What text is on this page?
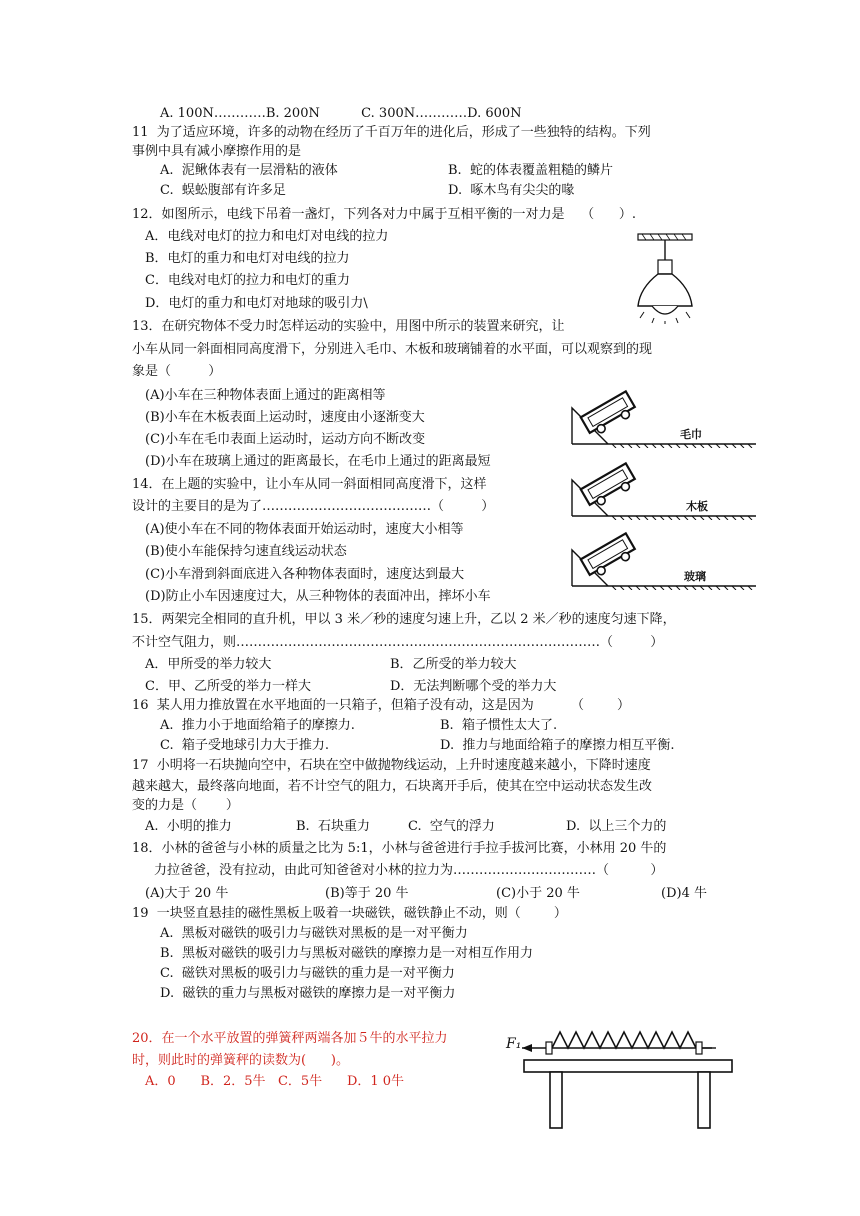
A. 100N…………B. 200N          C. 300N…………D. 600N
11  为了适应环境，许多的动物在经历了千百万年的进化后，形成了一些独特的结构。下列
事例中具有减小摩擦作用的是
A.  泥鳅体表有一层滑粘的液体	B.  蛇的体表覆盖粗糙的鳞片
C.  蜈蚣腹部有许多足	D.  啄木鸟有尖尖的喙
12．如图所示，电线下吊着一盏灯，下列各对力中属于互相平衡的一对力是    （      ）.
A．电线对电灯的拉力和电灯对电线的拉力
B．电灯的重力和电灯对电线的拉力
C．电线对电灯的拉力和电灯的重力
D．电灯的重力和电灯对地球的吸引力\
13．在研究物体不受力时怎样运动的实验中，用图中所示的装置来研究，让
小车从同一斜面相同高度滑下，分别进入毛巾、木板和玻璃铺着的水平面，可以观察到的现
象是（         ）
(A)小车在三种物体表面上通过的距离相等
(B)小车在木板表面上运动时，速度由小逐渐变大
(C)小车在毛巾表面上运动时，运动方向不断改变
(D)小车在玻璃上通过的距离最长，在毛巾上通过的距离最短
14．在上题的实验中，让小车从同一斜面相同高度滑下，这样
设计的主要目的是为了…………………………………（         ）
(A)使小车在不同的物体表面开始运动时，速度大小相等
(B)使小车能保持匀速直线运动状态
(C)小车滑到斜面底进入各种物体表面时，速度达到最大
(D)防止小车因速度过大，从三种物体的表面冲出，摔坏小车
15．两架完全相同的直升机，甲以 3 米／秒的速度匀速上升，乙以 2 米／秒的速度匀速下降，
不计空气阻力，则…………………………………………………………………………（         ）
A．甲所受的举力较大	B．乙所受的举力较大
C．甲、乙所受的举力一样大	D．无法判断哪个受的举力大
16  某人用力推放置在水平地面的一只箱子，但箱子没有动，这是因为         （        ）
A.  推力小于地面给箱子的摩擦力.	B.  箱子惯性太大了.
C.  箱子受地球引力大于推力.	D.  推力与地面给箱子的摩擦力相互平衡.
17  小明将一石块抛向空中，石块在空中做抛物线运动，上升时速度越来越小，下降时速度
越来越大，最终落向地面，若不计空气的阻力，石块离开手后，使其在空中运动状态发生改
变的力是（       ）
A.  小明的推力	B.  石块重力	C.  空气的浮力	D.  以上三个力的
18．小林的爸爸与小林的质量之比为 5:1，小林与爸爸进行手拉手拔河比赛，小林用 20 牛的
力拉爸爸，没有拉动，由此可知爸爸对小林的拉力为……………………………（          ）
(A)大于 20 牛	(B)等于 20 牛	(C)小于 20 牛	(D)4 牛
19  一块竖直悬挂的磁性黑板上吸着一块磁铁，磁铁静止不动，则（        ）
A.  黑板对磁铁的吸引力与磁铁对黑板的是一对平衡力
B.  黑板对磁铁的吸引力与黑板对磁铁的摩擦力是一对相互作用力
C.  磁铁对黑板的吸引力与磁铁的重力是一对平衡力
D.  磁铁的重力与黑板对磁铁的摩擦力是一对平衡力
20．在一个水平放置的弹簧秤两端各加５牛的水平拉力
时，则此时的弹簧秤的读数为(      )。
A．0      B．2．5牛   C．5牛      D．1 0牛
毛巾
木板
玻璃
F₁
